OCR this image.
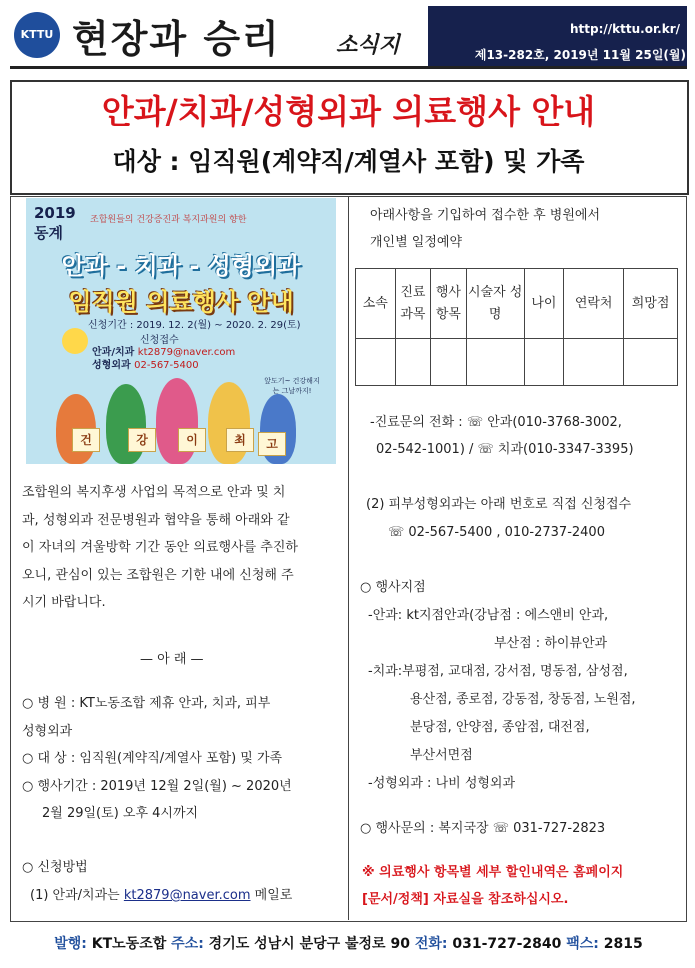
KTTU 현장과 승리	소식지
http://kttu.or.kr/
제13-282호, 2019년 11월 25일(월)
안과/치과/성형외과 의료행사 안내
대상 : 임직원(계약직/계열사 포함) 및 가족
2019
동계
조합원들의 건강증진과 복지과원의 향한
안과 - 치과 - 성형외과
임직원 의료행사 안내
신청기간 : 2019. 12. 2(월) ~ 2020. 2. 29(토)
신청접수
안과/치과 kt2879@naver.com
성형외과 02-567-5400
앞도기~ 건강해지는 그날까지!
건	강	이	최	고
조합원의 복지후생 사업의 목적으로 안과 및 치
과, 성형외과 전문병원과 협약을 통해 아래와 같
이 자녀의 겨울방학 기간 동안 의료행사를 추진하
오니, 관심이 있는 조합원은 기한 내에 신청해 주
시기 바랍니다.
— 아 래 —
○ 병 원 : KT노동조합 제휴 안과, 치과, 피부
성형외과
○ 대 상 : 임직원(계약직/계열사 포함) 및 가족
○ 행사기간 : 2019년 12월 2일(월) ~ 2020년
2월 29일(토) 오후 4시까지
○ 신청방법
(1) 안과/치과는 kt2879@naver.com 메일로
아래사항을 기입하여 접수한 후 병원에서
개인별 일정예약
소속	진료 과목	행사 항목	시술자 성명	나이	연락처	희망점

-진료문의 전화 : ☏ 안과(010-3768-3002,
02-542-1001) / ☏ 치과(010-3347-3395)
(2) 피부성형외과는 아래 번호로 직접 신청접수
☏ 02-567-5400 , 010-2737-2400
○ 행사지점
-안과: kt지점안과(강남점 : 에스앤비 안과,
부산점 : 하이뷰안과
-치과:부평점, 교대점, 강서점, 명동점, 삼성점,
용산점, 종로점, 강동점, 창동점, 노원점,
분당점, 안양점, 종암점, 대전점,
부산서면점
-성형외과 : 나비 성형외과
○ 행사문의 : 복지국장 ☏ 031-727-2823
※ 의료행사 항목별 세부 할인내역은 홈페이지
[문서/정책] 자료실을 참조하십시오.
발행: KT노동조합 주소: 경기도 성남시 분당구 불정로 90 전화: 031-727-2840 팩스: 2815
